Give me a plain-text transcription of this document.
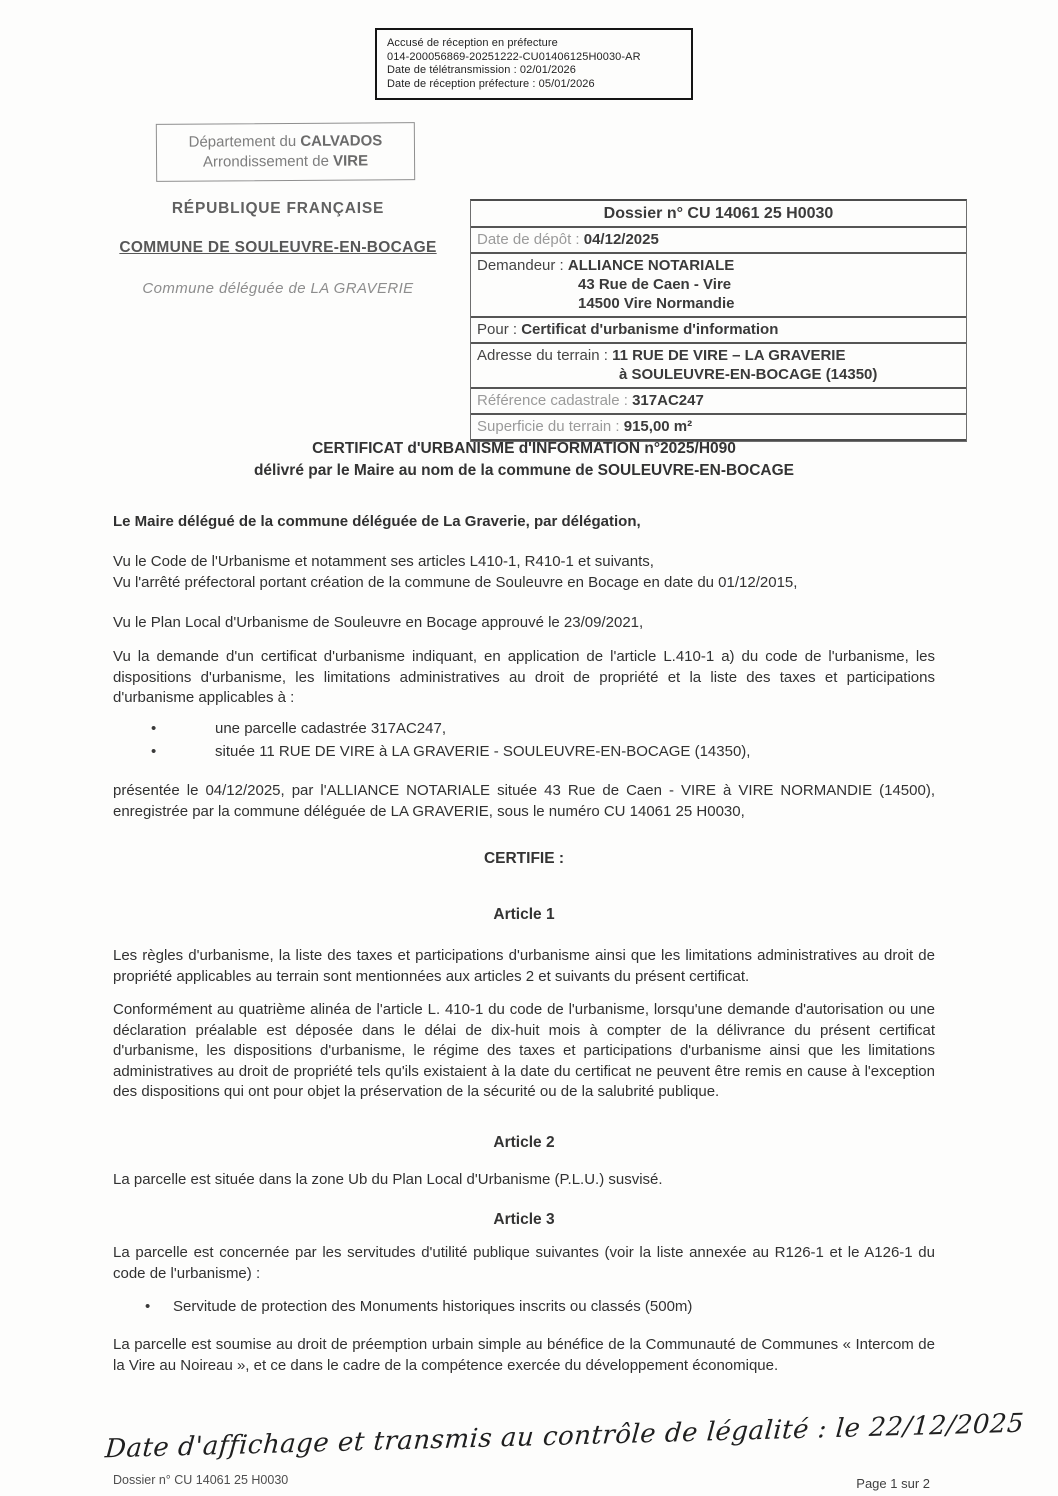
Accusé de réception en préfecture
014-200056869-20251222-CU01406125H0030-AR
Date de télétransmission : 02/01/2026
Date de réception préfecture : 05/01/2026
Département du CALVADOS
Arrondissement de VIRE
RÉPUBLIQUE FRANÇAISE
COMMUNE DE SOULEUVRE-EN-BOCAGE
Commune déléguée de LA GRAVERIE
Dossier n° CU 14061 25 H0030
Date de dépôt : 04/12/2025
Demandeur : ALLIANCE NOTARIALE
43 Rue de Caen - Vire
14500 Vire Normandie
Pour : Certificat d'urbanisme d'information
Adresse du terrain : 11 RUE DE VIRE – LA GRAVERIE
à SOULEUVRE-EN-BOCAGE (14350)
Référence cadastrale : 317AC247
Superficie du terrain : 915,00 m²
CERTIFICAT d'URBANISME d'INFORMATION n°2025/H090
délivré par le Maire au nom de la commune de SOULEUVRE-EN-BOCAGE
Le Maire délégué de la commune déléguée de La Graverie, par délégation,
Vu le Code de l'Urbanisme et notamment ses articles L410-1, R410-1 et suivants,
Vu l'arrêté préfectoral portant création de la commune de Souleuvre en Bocage en date du 01/12/2015,
Vu le Plan Local d'Urbanisme de Souleuvre en Bocage approuvé le 23/09/2021,
Vu la demande d'un certificat d'urbanisme indiquant, en application de l'article L.410-1 a) du code de l'urbanisme, les dispositions d'urbanisme, les limitations administratives au droit de propriété et la liste des taxes et participations d'urbanisme applicables à :
•	une parcelle cadastrée 317AC247,
•	située 11 RUE DE VIRE à LA GRAVERIE - SOULEUVRE-EN-BOCAGE (14350),
présentée le 04/12/2025, par l'ALLIANCE NOTARIALE située 43 Rue de Caen - VIRE à VIRE NORMANDIE (14500), enregistrée par la commune déléguée de LA GRAVERIE, sous le numéro CU 14061 25 H0030,
CERTIFIE :
Article 1
Les règles d'urbanisme, la liste des taxes et participations d'urbanisme ainsi que les limitations administratives au droit de propriété applicables au terrain sont mentionnées aux articles 2 et suivants du présent certificat.
Conformément au quatrième alinéa de l'article L. 410-1 du code de l'urbanisme, lorsqu'une demande d'autorisation ou une déclaration préalable est déposée dans le délai de dix-huit mois à compter de la délivrance du présent certificat d'urbanisme, les dispositions d'urbanisme, le régime des taxes et participations d'urbanisme ainsi que les limitations administratives au droit de propriété tels qu'ils existaient à la date du certificat ne peuvent être remis en cause à l'exception des dispositions qui ont pour objet la préservation de la sécurité ou de la salubrité publique.
Article 2
La parcelle est située dans la zone Ub du Plan Local d'Urbanisme (P.L.U.) susvisé.
Article 3
La parcelle est concernée par les servitudes d'utilité publique suivantes (voir la liste annexée au R126-1 et le A126-1 du code de l'urbanisme) :
•	Servitude de protection des Monuments historiques inscrits ou classés (500m)
La parcelle est soumise au droit de préemption urbain simple au bénéfice de la Communauté de Communes « Intercom de la Vire au Noireau », et ce dans le cadre de la compétence exercée du développement économique.
Date d'affichage et transmis au contrôle de légalité : le 22/12/2025
Dossier n° CU 14061 25 H0030	Page 1 sur 2
